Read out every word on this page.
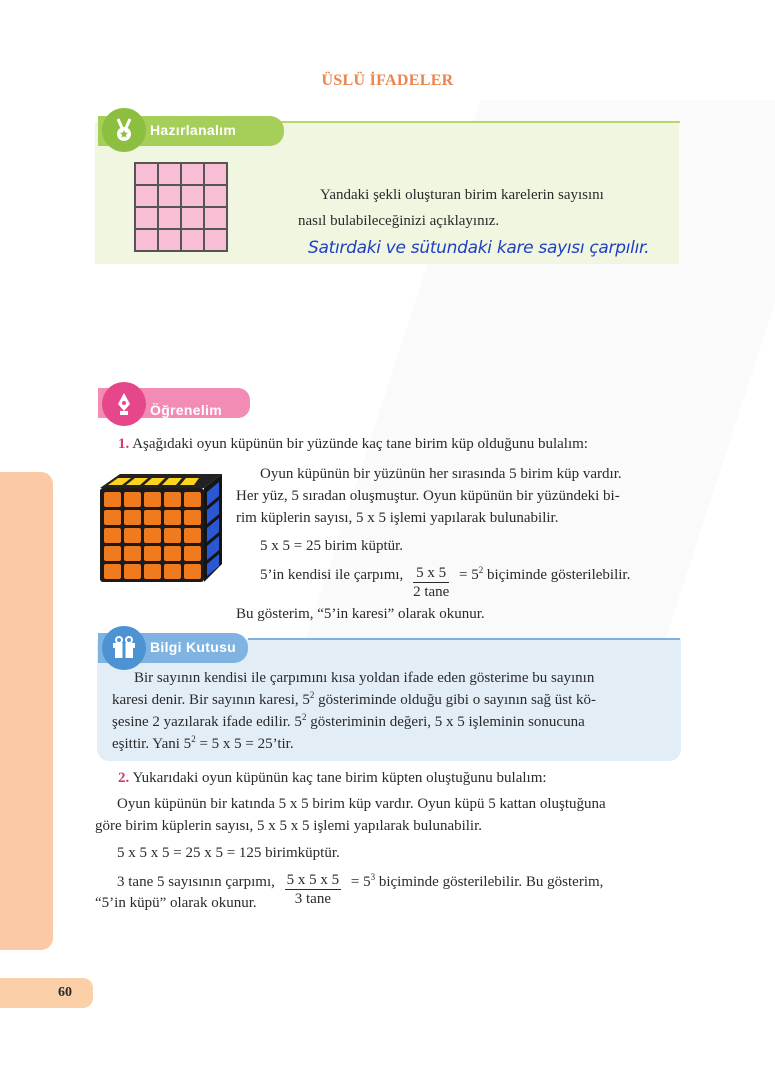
ÜSLÜ İFADELER
Hazırlanalım

Yandaki şekli oluşturan birim karelerin sayısını
nasıl bulabileceğinizi açıklayınız.
Satırdaki ve sütundaki kare sayısı çarpılır.
Öğrenelim
1. Aşağıdaki oyun küpünün bir yüzünde kaç tane birim küp olduğunu bulalım:
Oyun küpünün bir yüzünün her sırasında 5 birim küp vardır.
Her yüz, 5 sıradan oluşmuştur. Oyun küpünün bir yüzündeki bi-
rim küplerin sayısı, 5 x 5 işlemi yapılarak bulunabilir.
5 x 5 = 25 birim küptür.
5’in kendisi ile çarpımı, $\frac{5 x 5}{2 \tan e} = 5^2$ biçiminde gösterilebilir.
Bu gösterim, “5’in karesi” olarak okunur.
Bilgi Kutusu
Bir sayının kendisi ile çarpımını kısa yoldan ifade eden gösterime bu sayının
karesi denir. Bir sayının karesi, $5^2$ gösteriminde olduğu gibi o sayının sağ üst kö-
şesine 2 yazılarak ifade edilir. $5^2$ gösteriminin değeri, 5 x 5 işleminin sonucuna
eşittir. Yani $5^2 = 5$ x 5 = 25’tir.
2. Yukarıdaki oyun küpünün kaç tane birim küpten oluştuğunu bulalım:
Oyun küpünün bir katında 5 x 5 birim küp vardır. Oyun küpü 5 kattan oluştuğuna
göre birim küplerin sayısı, 5 x 5 x 5 işlemi yapılarak bulunabilir.
5 x 5 x 5 = 25 x 5 = 125 birimküptür.
3 tane 5 sayısının çarpımı, $\frac{5 x 5 x 5}{3 \tan e} = 5^3$ biçiminde gösterilebilir. Bu gösterim,
“5’in küpü” olarak okunur.
60
